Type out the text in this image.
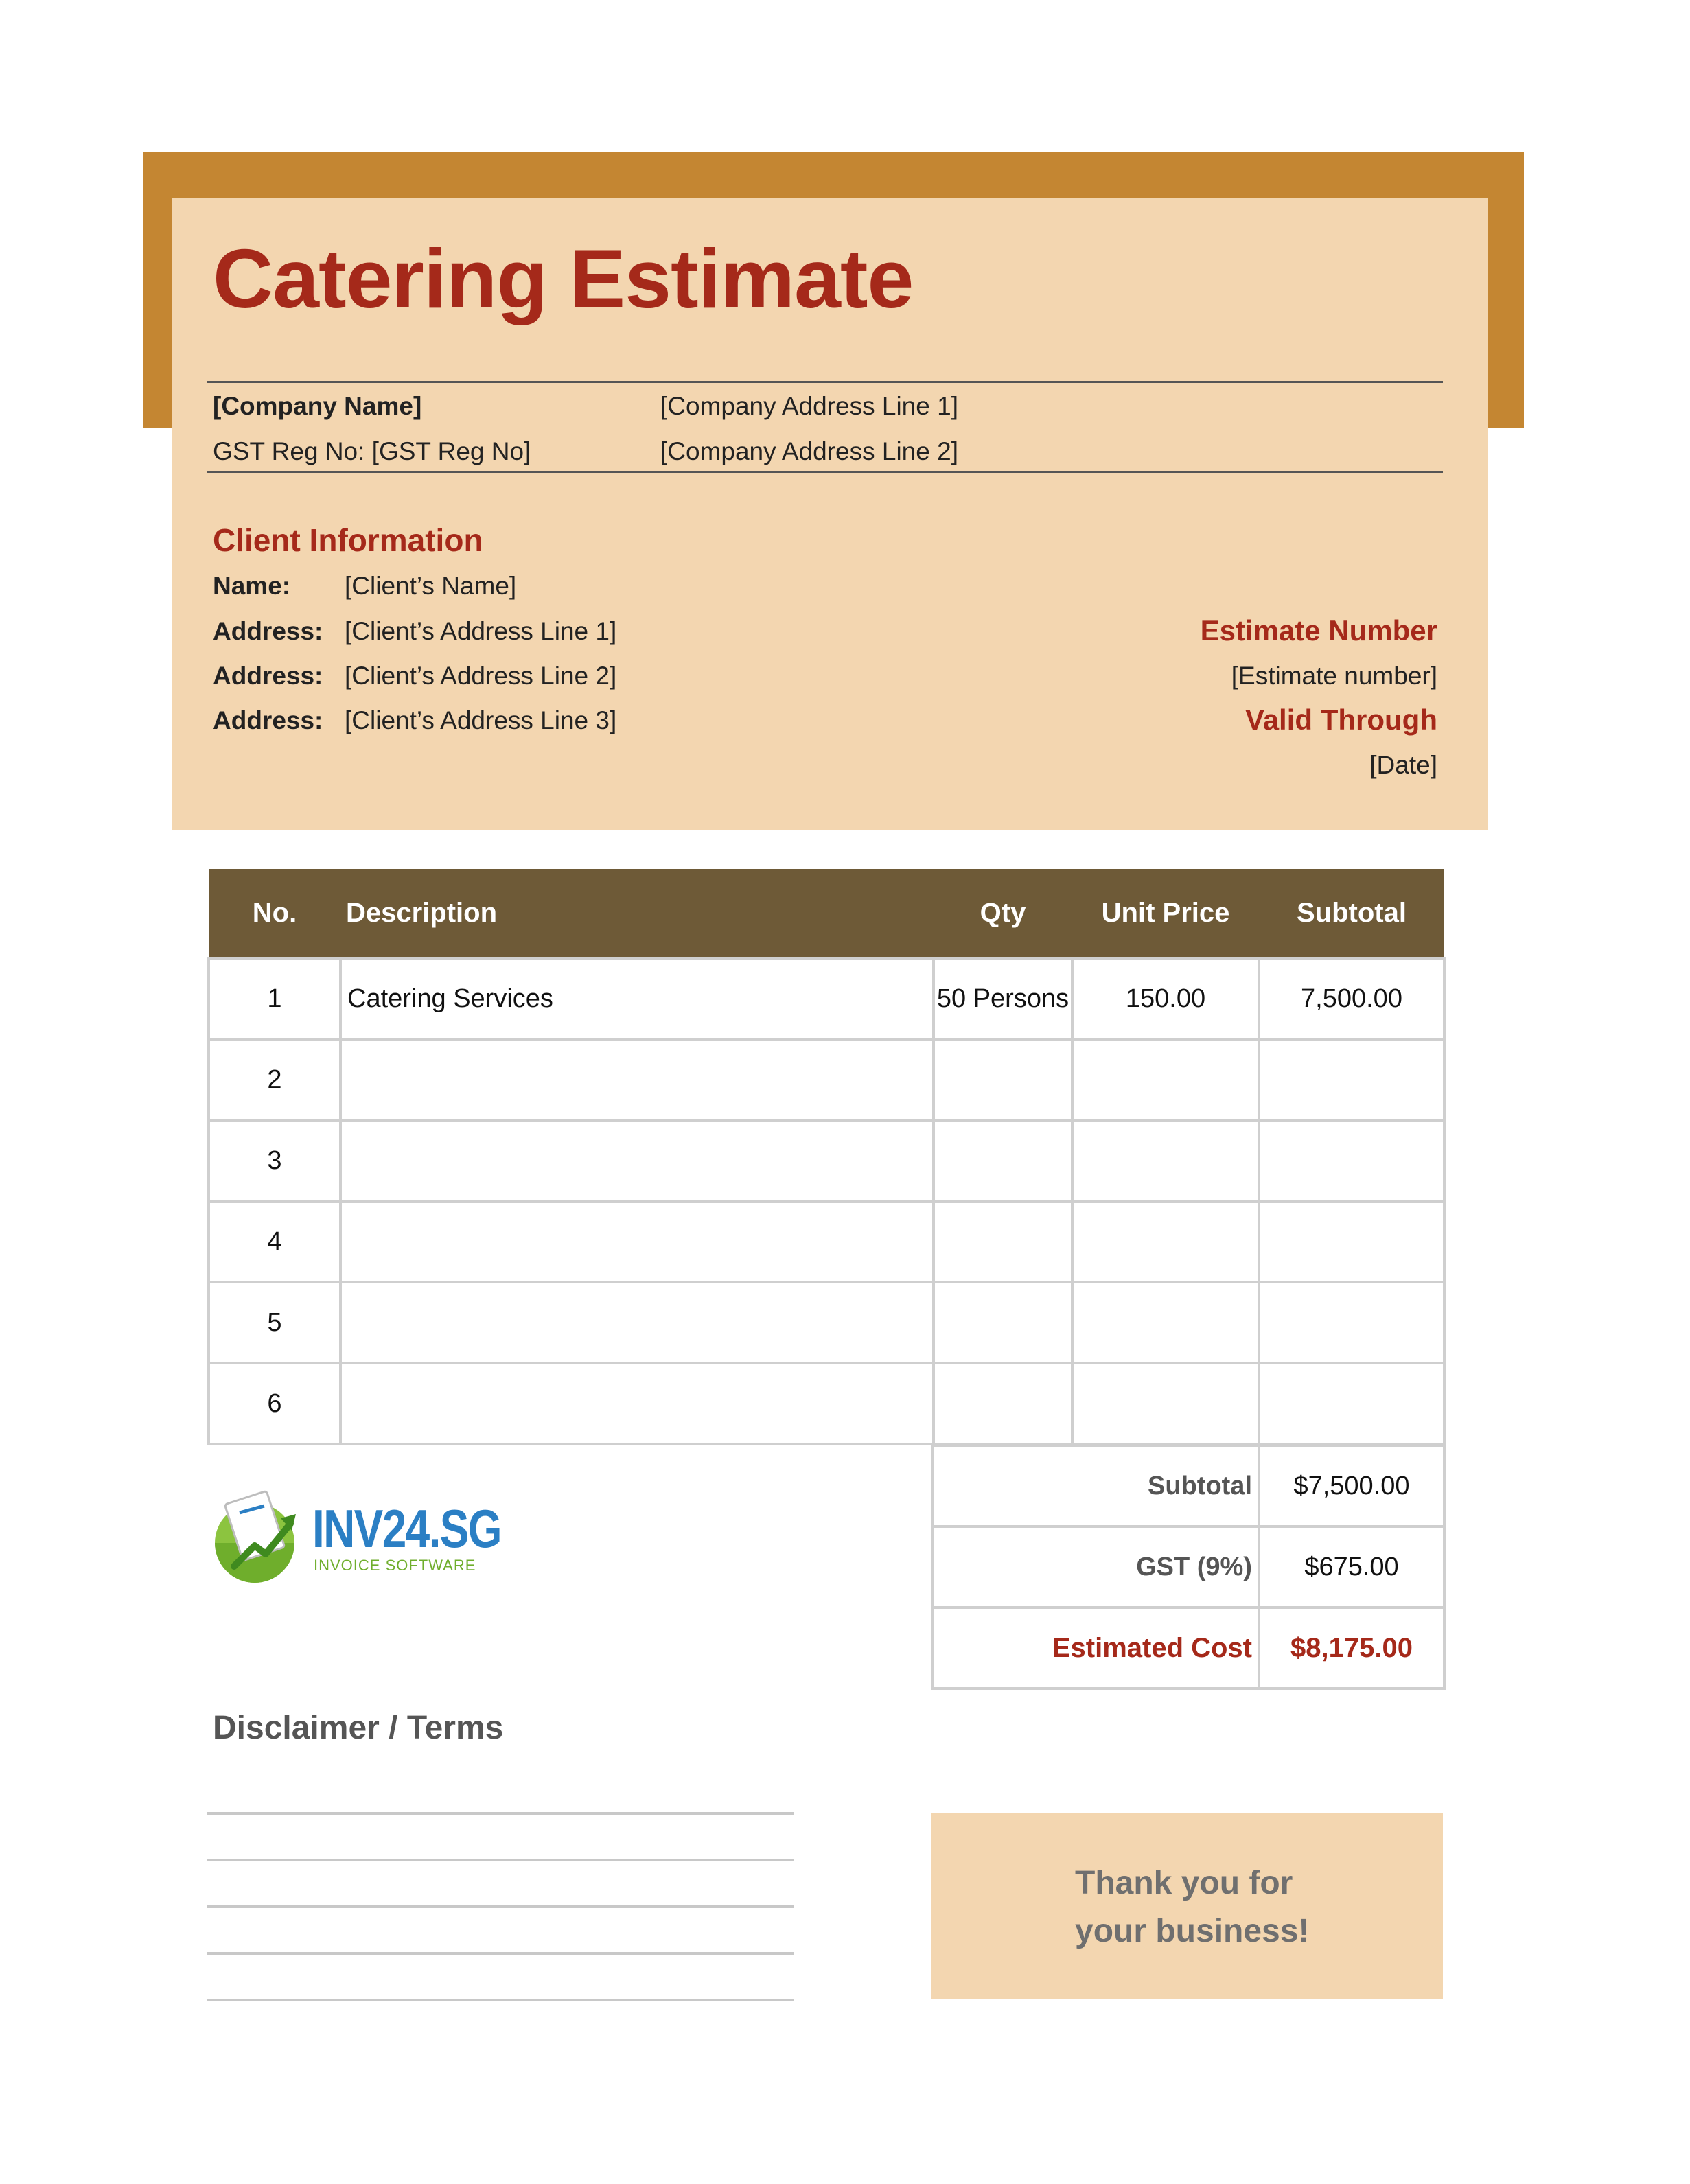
Catering Estimate
[Company Name]	[Company Address Line 1]
GST Reg No: [GST Reg No]	[Company Address Line 2]
Client Information
Name: [Client’s Name]
Address: [Client’s Address Line 1]
Address: [Client’s Address Line 2]
Address: [Client’s Address Line 3]
Estimate Number
[Estimate number]
Valid Through
[Date]
No.	Description	Qty	Unit Price	Subtotal
1	Catering Services	50 Persons	150.00	7,500.00
2				
3				
4				
5				
6				
Subtotal	$7,500.00
GST (9%)	$675.00
Estimated Cost	$8,175.00
INV24.SG
INVOICE SOFTWARE
Disclaimer / Terms
Thank you for
your business!
